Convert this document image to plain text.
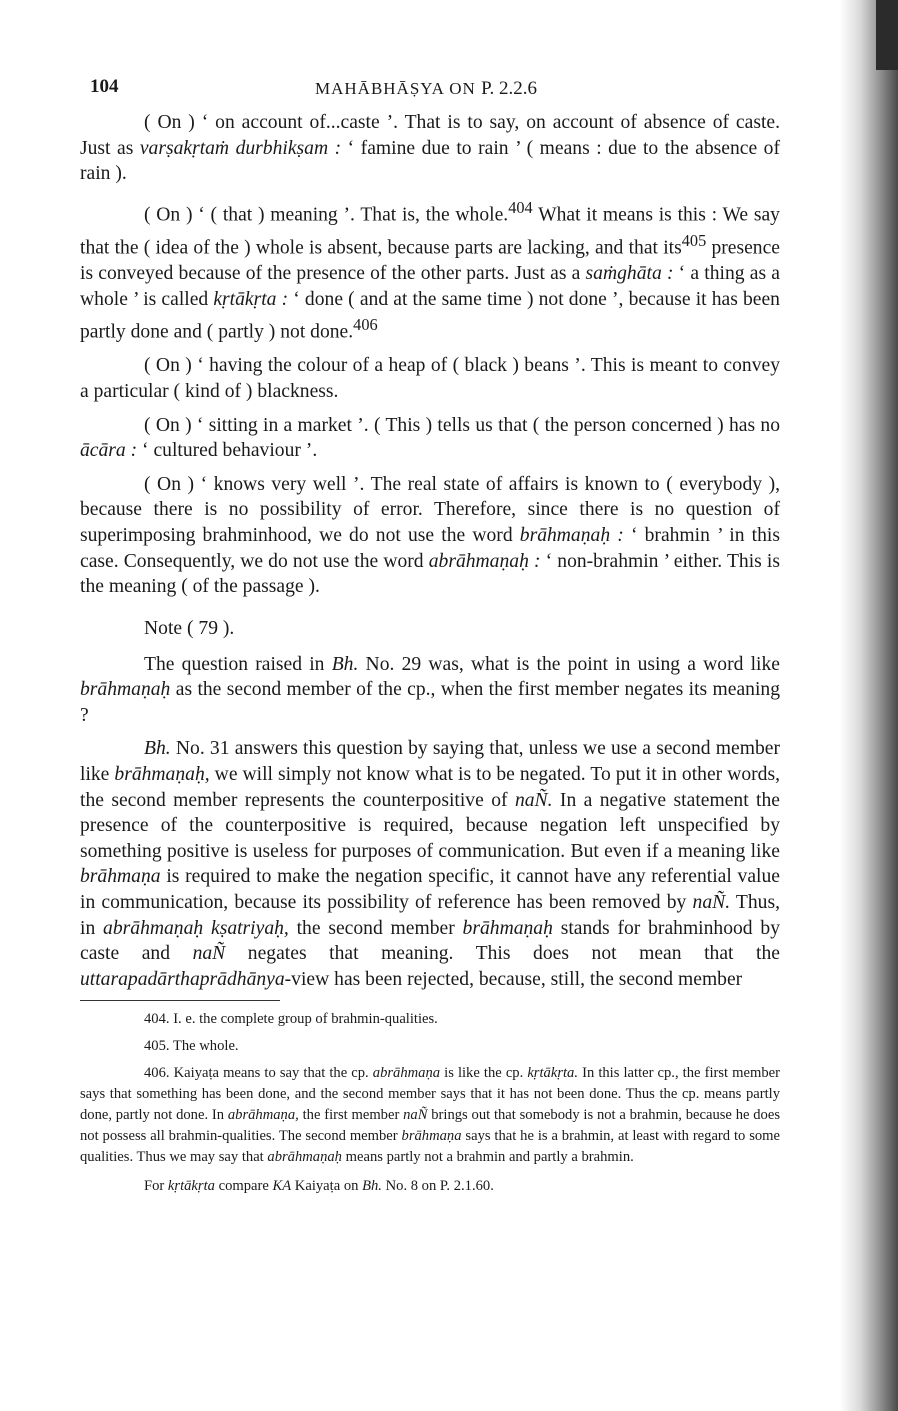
104	MAHĀBHĀṢYA ON P. 2.2.6

( On ) ‘ on account of...caste ’. That is to say, on account of absence of caste. Just as varṣakṛtaṁ durbhikṣam : ‘ famine due to rain ’ ( means : due to the absence of rain ).

( On ) ‘ ( that ) meaning ’. That is, the whole.$^{404}$ What it means is this : We say that the ( idea of the ) whole is absent, because parts are lacking, and that its$^{405}$ presence is conveyed because of the presence of the other parts. Just as a saṁghāta : ‘ a thing as a whole ’ is called kṛtākṛta : ‘ done ( and at the same time ) not done ’, because it has been partly done and ( partly ) not done.$^{406}$

( On ) ‘ having the colour of a heap of ( black ) beans ’. This is meant to convey a particular ( kind of ) blackness.

( On ) ‘ sitting in a market ’. ( This ) tells us that ( the person concerned ) has no ācāra : ‘ cultured behaviour ’.

( On ) ‘ knows very well ’. The real state of affairs is known to ( everybody ), because there is no possibility of error. Therefore, since there is no question of superimposing brahminhood, we do not use the word brāhmaṇaḥ : ‘ brahmin ’ in this case. Consequently, we do not use the word abrāhmaṇaḥ : ‘ non-brahmin ’ either. This is the meaning ( of the passage ).

Note ( 79 ).

The question raised in Bh. No. 29 was, what is the point in using a word like brāhmaṇaḥ as the second member of the cp., when the first member negates its meaning ?

Bh. No. 31 answers this question by saying that, unless we use a second member like brāhmaṇaḥ, we will simply not know what is to be negated. To put it in other words, the second member represents the counterpositive of naÑ. In a negative statement the presence of the counterpositive is required, because negation left unspecified by something positive is useless for purposes of communication. But even if a meaning like brāhmaṇa is required to make the negation specific, it cannot have any referential value in communication, because its possibility of reference has been removed by naÑ. Thus, in abrāhmaṇaḥ kṣatriyaḥ, the second member brāhmaṇaḥ stands for brahminhood by caste and naÑ negates that meaning. This does not mean that the uttarapadārthaprādhānya-view has been rejected, because, still, the second member

404. I. e. the complete group of brahmin-qualities.

405. The whole.

406. Kaiyaṭa means to say that the cp. abrāhmaṇa is like the cp. kṛtākṛta. In this latter cp., the first member says that something has been done, and the second member says that it has not been done. Thus the cp. means partly done, partly not done. In abrāhmaṇa, the first member naÑ brings out that somebody is not a brahmin, because he does not possess all brahmin-qualities. The second member brāhmaṇa says that he is a brahmin, at least with regard to some qualities. Thus we may say that abrāhmaṇaḥ means partly not a brahmin and partly a brahmin.

For kṛtākṛta compare KA Kaiyaṭa on Bh. No. 8 on P. 2.1.60.
